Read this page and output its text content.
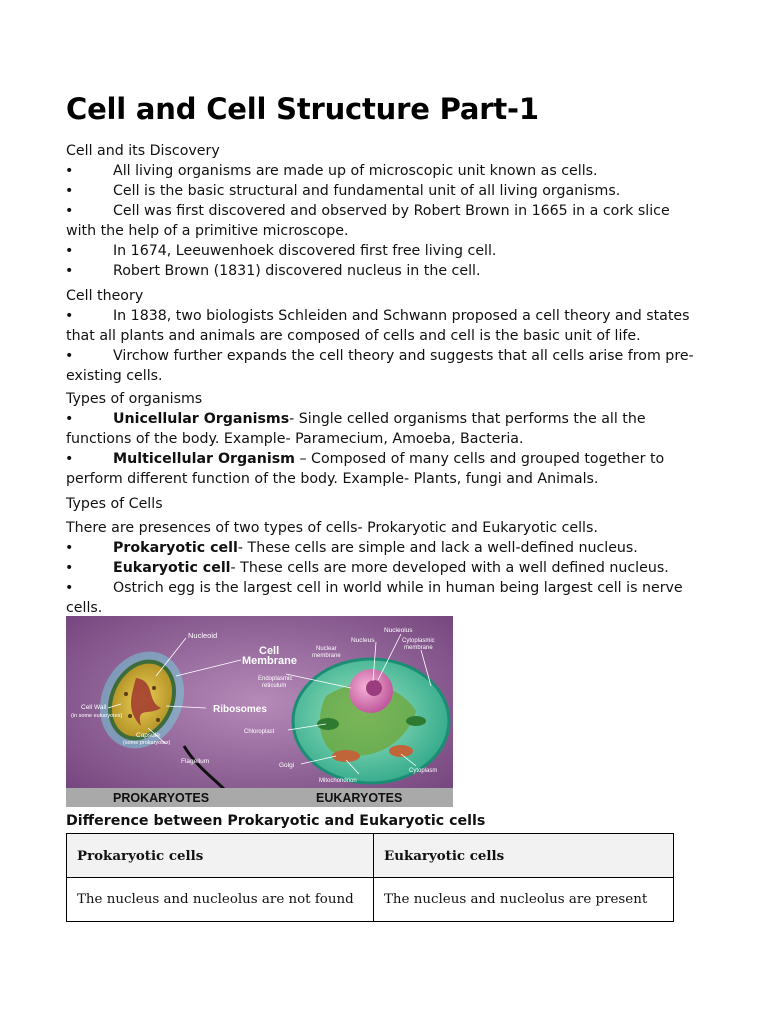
Cell and Cell Structure Part-1

Cell and its Discovery

•	All living organisms are made up of microscopic unit known as cells.
•	Cell is the basic structural and fundamental unit of all living organisms.
•	Cell was first discovered and observed by Robert Brown in 1665 in a cork slice
with the help of a primitive microscope.
•	In 1674, Leeuwenhoek discovered first free living cell.
•	Robert Brown (1831) discovered nucleus in the cell.

Cell theory

•	In 1838, two biologists Schleiden and Schwann proposed a cell theory and states
that all plants and animals are composed of cells and cell is the basic unit of life.
•	Virchow further expands the cell theory and suggests that all cells arise from pre-
existing cells.

Types of organisms

•	Unicellular Organisms- Single celled organisms that performs the all the
functions of the body. Example- Paramecium, Amoeba, Bacteria.
•	Multicellular Organism – Composed of many cells and grouped together to
perform different function of the body. Example- Plants, fungi and Animals.

Types of Cells

There are presences of two types of cells- Prokaryotic and Eukaryotic cells.

•	Prokaryotic cell- These cells are simple and lack a well-defined nucleus.
•	Eukaryotic cell- These cells are more developed with a well defined nucleus.
•	Ostrich egg is the largest cell in world while in human being largest cell is nerve
cells.
Nucleoid
Cell
Membrane
Cell Wall
(in some eukaryotes)
Ribosomes
Capsule
(some prokaryotes)
Flagellum
Nucleolus
Nucleus
Nuclear
membrane
Cytoplasmic
membrane
Endoplasmic
reticulum
Chloroplast
Golgi
Mitochondrion
Cytoplasm
PROKARYOTES	EUKARYOTES

Difference between Prokaryotic and Eukaryotic cells

Prokaryotic cells	Eukaryotic cells
The nucleus and nucleolus are not found	The nucleus and nucleolus are present
